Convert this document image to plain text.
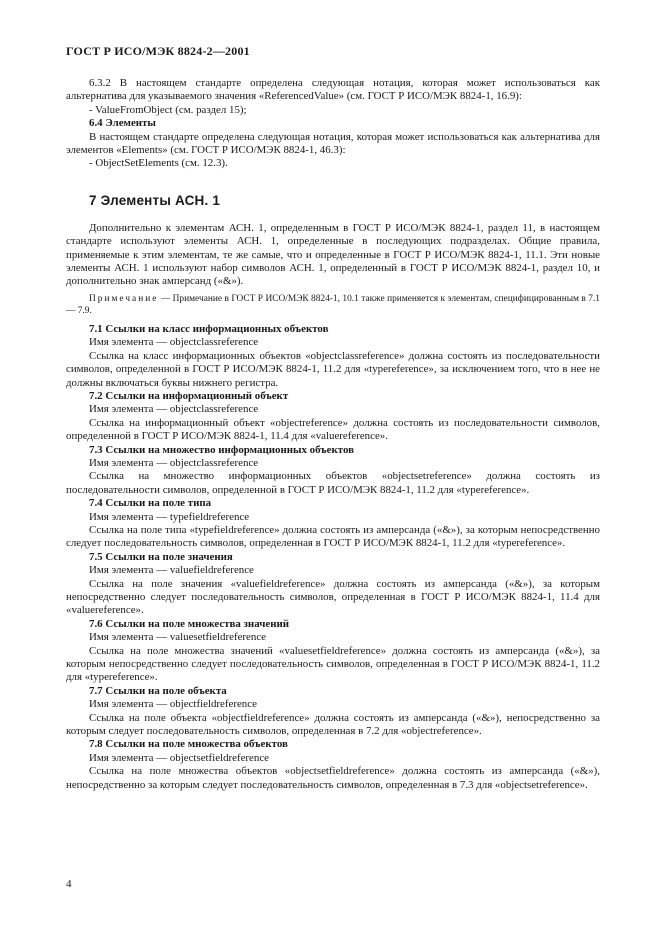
ГОСТ Р ИСО/МЭК 8824-2—2001

6.3.2 В настоящем стандарте определена следующая нотация, которая может использоваться как альтернатива для указываемого значения «ReferencedValue» (см. ГОСТ Р ИСО/МЭК 8824-1, 16.9):

- ValueFromObject (см. раздел 15);

6.4 Элементы

В настоящем стандарте определена следующая нотация, которая может использоваться как альтернатива для элементов «Elements» (см. ГОСТ Р ИСО/МЭК 8824-1, 46.3):

- ObjectSetElements (см. 12.3).

7 Элементы АСН. 1

Дополнительно к элементам АСН. 1, определенным в ГОСТ Р ИСО/МЭК 8824-1, раздел 11, в настоящем стандарте используют элементы АСН. 1, определенные в последующих подразделах. Общие правила, применяемые к этим элементам, те же самые, что и определенные в ГОСТ Р ИСО/МЭК 8824-1, 11.1. Эти новые элементы АСН. 1 используют набор символов АСН. 1, определенный в ГОСТ Р ИСО/МЭК 8824-1, раздел 10, и дополнительно знак амперсанд («&»).

Примечание — Примечание в ГОСТ Р ИСО/МЭК 8824-1, 10.1 также применяется к элементам, специфицированным в 7.1 — 7.9.

7.1 Ссылки на класс информационных объектов

Имя элемента — objectclassreference

Ссылка на класс информационных объектов «objectclassreference» должна состоять из последовательности символов, определенной в ГОСТ Р ИСО/МЭК 8824-1, 11.2 для «typereference», за исключением того, что в нее не должны включаться буквы нижнего регистра.

7.2 Ссылки на информационный объект

Имя элемента — objectclassreference

Ссылка на информационный объект «objectreference» должна состоять из последовательности символов, определенной в ГОСТ Р ИСО/МЭК 8824-1, 11.4 для «valuereference».

7.3 Ссылки на множество информационных объектов

Имя элемента — objectclassreference

Ссылка на множество информационных объектов «objectsetreference» должна состоять из последовательности символов, определенной в ГОСТ Р ИСО/МЭК 8824-1, 11.2 для «typereference».

7.4 Ссылки на поле типа

Имя элемента — typefieldreference

Ссылка на поле типа «typefieldreference» должна состоять из амперсанда («&»), за которым непосредственно следует последовательность символов, определенная в ГОСТ Р ИСО/МЭК 8824-1, 11.2 для «typereference».

7.5 Ссылки на поле значения

Имя элемента — valuefieldreference

Ссылка на поле значения «valuefieldreference» должна состоять из амперсанда («&»), за которым непосредственно следует последовательность символов, определенная в ГОСТ Р ИСО/МЭК 8824-1, 11.4 для «valuereference».

7.6 Ссылки на поле множества значений

Имя элемента — valuesetfieldreference

Ссылка на поле множества значений «valuesetfieldreference» должна состоять из амперсанда («&»), за которым непосредственно следует последовательность символов, определенная в ГОСТ Р ИСО/МЭК 8824-1, 11.2 для «typereference».

7.7 Ссылки на поле объекта

Имя элемента — objectfieldreference

Ссылка на поле объекта «objectfieldreference» должна состоять из амперсанда («&»), непосредственно за которым следует последовательность символов, определенная в 7.2 для «objectreference».

7.8 Ссылки на поле множества объектов

Имя элемента — objectsetfieldreference

Ссылка на поле множества объектов «objectsetfieldreference» должна состоять из амперсанда («&»), непосредственно за которым следует последовательность символов, определенная в 7.3 для «objectsetreference».

4
